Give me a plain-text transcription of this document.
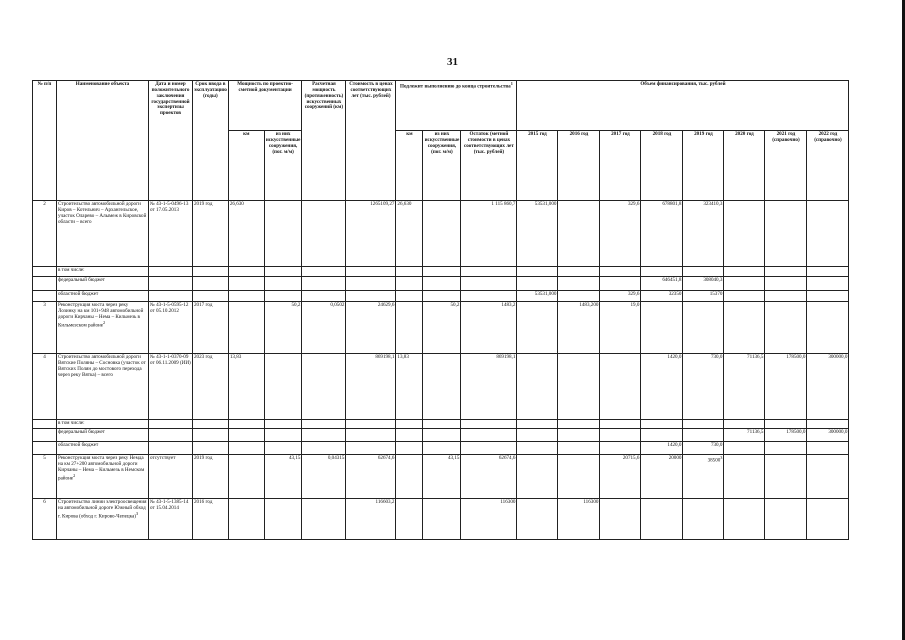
31
№ п/п	Наименование объекта	Дата и номер положительного заключения государственной экспертизы проектов	Срок ввода в эксплуатацию (годы)	Мощность по проектно-сметной документации		Расчетная мощность (протяженность) искусственных сооружений (км)	Стоимость в ценах соответствующих лет (тыс. рублей)	Подлежит выполнению до конца строительства$^1$			Объем финансирования, тыс. рублей							
				км	из них искусственные сооружения, (пог. м/м)			км	из них искусственные сооружения, (пог. м/м)	Остаток (метной стоимости в ценах соответствующих лет (тыс. рублей)	2015 год	2016 год	2017 год	2018 год	2019 год	2020 год	2021 год (справочно)	2022 год (справочно)
2	Строительство автомобильной дороги Киров – Котельнич – Архангельское, участок Оларево – Алымеж в Кировской области – всего	№ 43-1-5-0496-13 от 17.05.2013	2019 год	26,630			1265109,27	26,630		1 115 860,7	53531,000		329,6	678801,8	323410,3			
	в том числе:																	
	федеральный бюджет													646451,8	308040,3			
	областной бюджет										53531,000		329,6	32350	15370			
3	Реконструкция моста через реку Лозинку на км 101+948 автомобильной дороги Кирчаны – Нема – Кильмезь в Кильмезском районе$^2$	№ 43-1-5-0595-12 от 05.10.2012	2017 год		50,2	0,0502	24629,6		50,2	1483,2		1483,200	19,0					
4	Строительство автомобильной дороги Вятские Поляны – Сосновка (участок от Вятских Полян до мостового перехода через реку Вятка) – всего	№ 43-1-1-0370-09 от 06.11.2009 (ИИ)	2023 год	13,83			869198,1	13,83		869198,1				1420,0	730,0	71136,5	178500,0	300000,0
	в том числе:																	
	федеральный бюджет															71136,5	178500,0	300000,0
	областной бюджет													1420,0	730,0			
5	Реконструкция моста через реку Немда на км 27+200 автомобильной дороги Кирчаны – Нема – Кильмезь в Немском районе$^2$	отсутствует	2019 год		43,15	0,04315	62674,6		43,15	62674,6			20715,6	20000	38500$^3$			
6	Строительство линии электроосвещения на автомобильной дороге Южный обход г. Кирова (обход г. Кирово-Чепецка)$^3$	№ 43-1-5-1385-14 от 15.04.2014	2016 год				116603,2			116300		116300						
